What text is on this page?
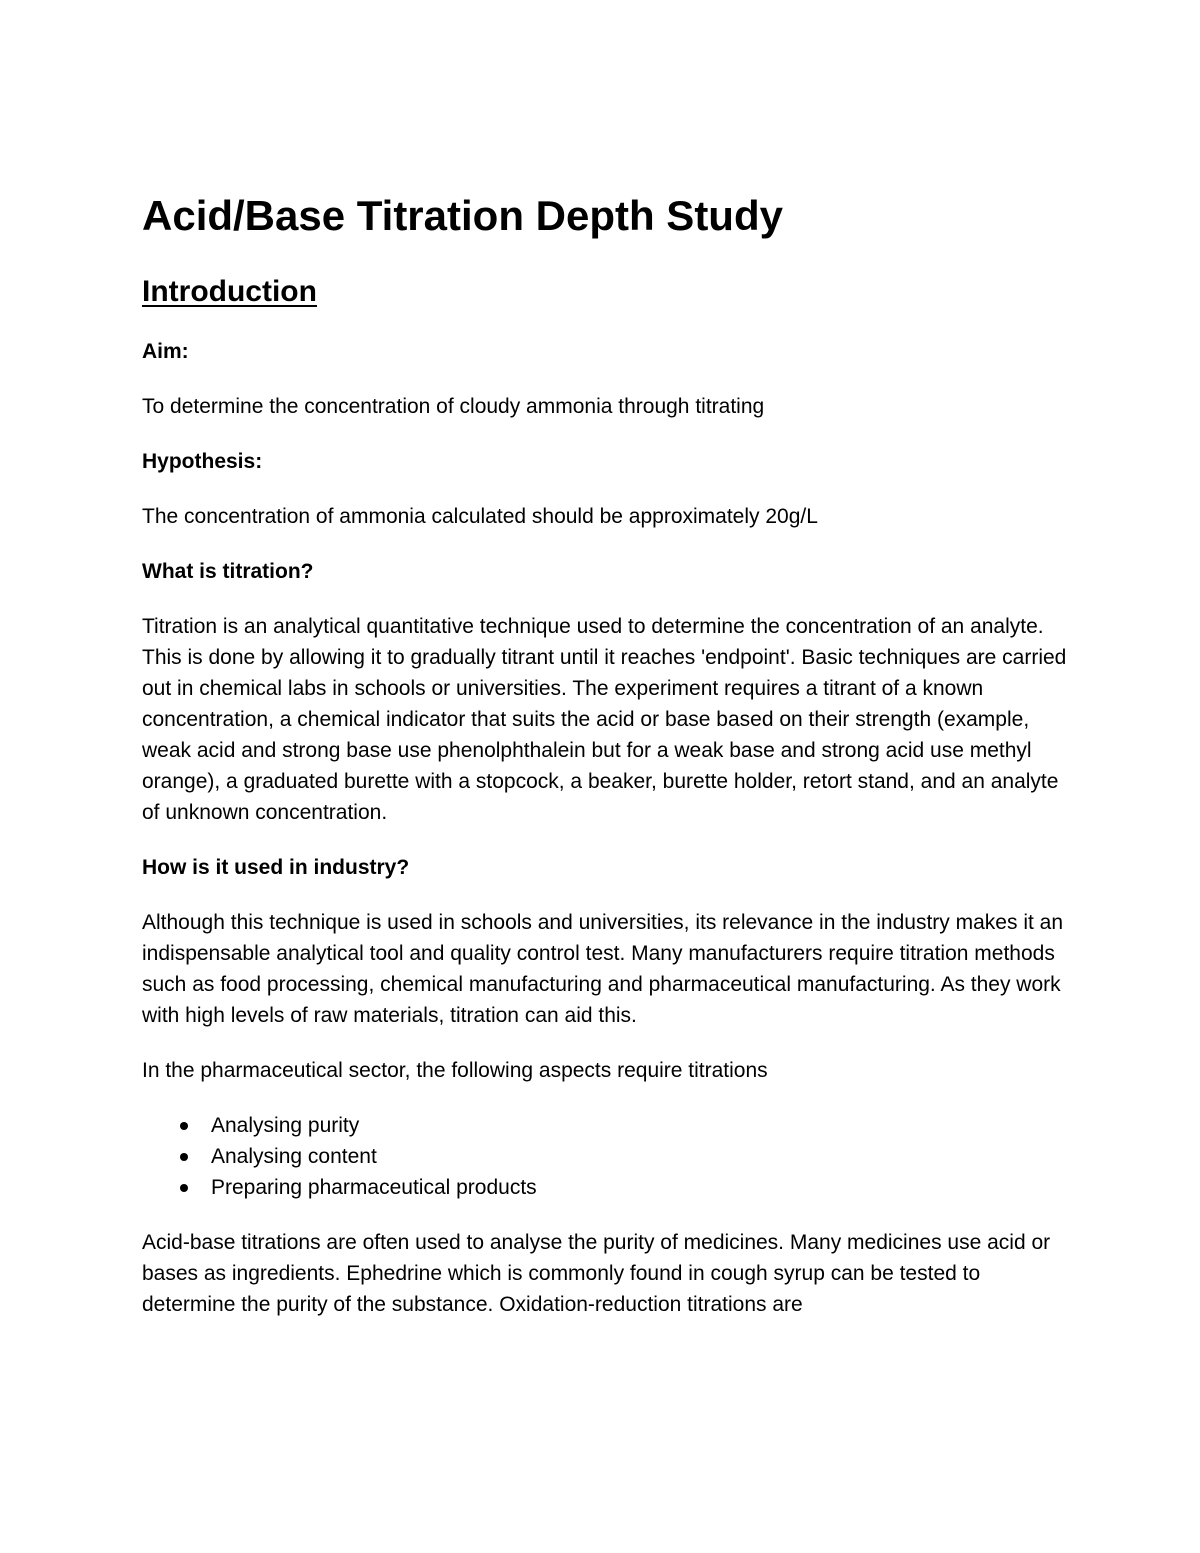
Acid/Base Titration Depth Study
Introduction

Aim:

To determine the concentration of cloudy ammonia through titrating

Hypothesis:

The concentration of ammonia calculated should be approximately 20g/L

What is titration?

Titration is an analytical quantitative technique used to determine the concentration of an analyte. This is done by allowing it to gradually titrant until it reaches 'endpoint'. Basic techniques are carried out in chemical labs in schools or universities. The experiment requires a titrant of a known concentration, a chemical indicator that suits the acid or base based on their strength (example, weak acid and strong base use phenolphthalein but for a weak base and strong acid use methyl orange), a graduated burette with a stopcock, a beaker, burette holder, retort stand, and an analyte of unknown concentration.

How is it used in industry?

Although this technique is used in schools and universities, its relevance in the industry makes it an indispensable analytical tool and quality control test. Many manufacturers require titration methods such as food processing, chemical manufacturing and pharmaceutical manufacturing. As they work with high levels of raw materials, titration can aid this.

In the pharmaceutical sector, the following aspects require titrations

Analysing purity
Analysing content
Preparing pharmaceutical products

Acid-base titrations are often used to analyse the purity of medicines. Many medicines use acid or bases as ingredients. Ephedrine which is commonly found in cough syrup can be tested to determine the purity of the substance. Oxidation-reduction titrations are
